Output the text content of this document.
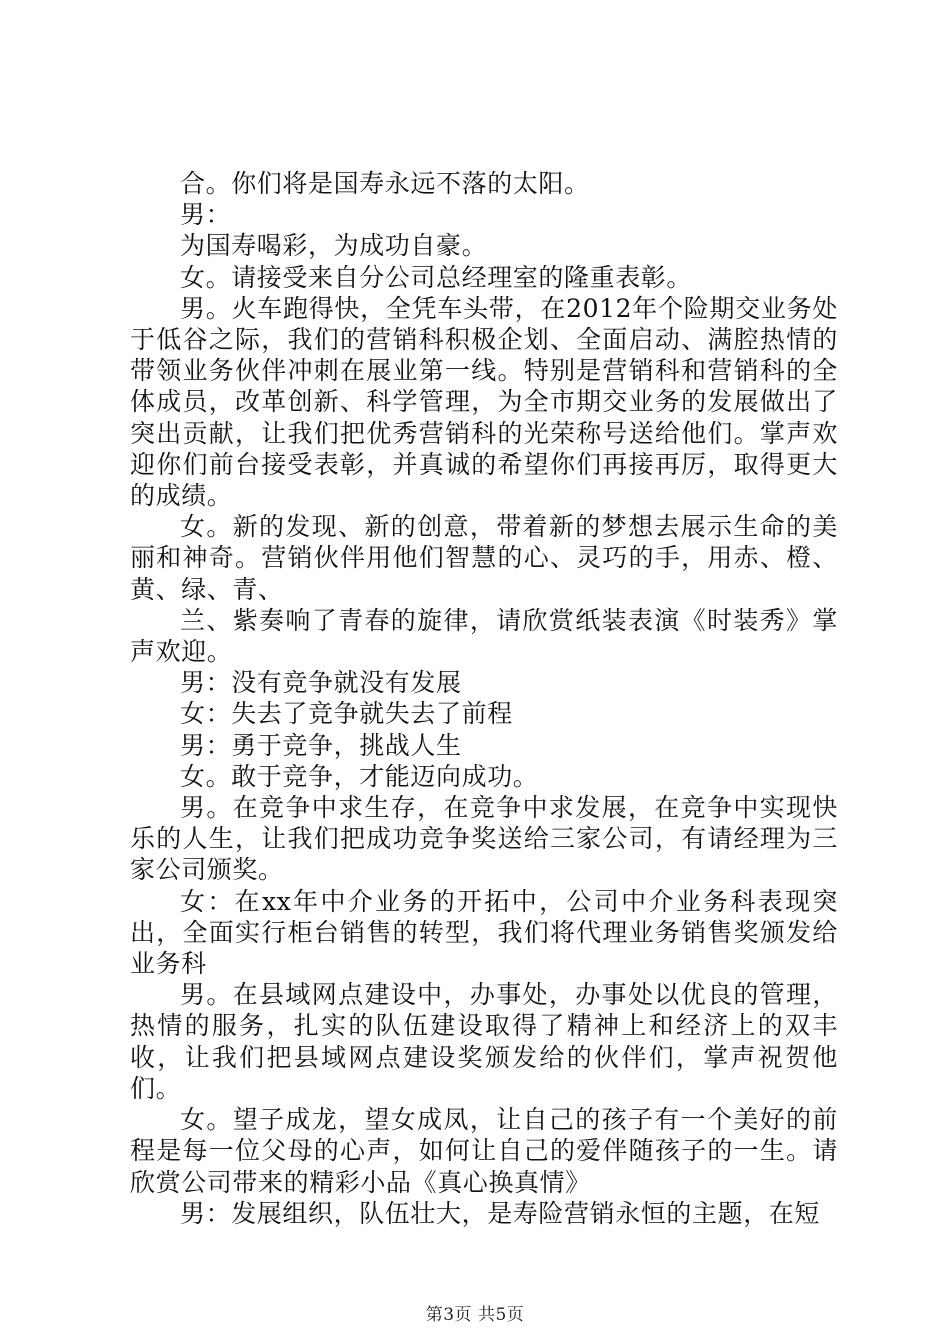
合。你们将是国寿永远不落的太阳。

男：

为国寿喝彩，为成功自豪。

女。请接受来自分公司总经理室的隆重表彰。

男。火车跑得快，全凭车头带，在2012年个险期交业务处于低谷之际，我们的营销科积极企划、全面启动、满腔热情的带领业务伙伴冲刺在展业第一线。特别是营销科和营销科的全体成员，改革创新、科学管理，为全市期交业务的发展做出了突出贡献，让我们把优秀营销科的光荣称号送给他们。掌声欢迎你们前台接受表彰，并真诚的希望你们再接再厉，取得更大的成绩。

女。新的发现、新的创意，带着新的梦想去展示生命的美丽和神奇。营销伙伴用他们智慧的心、灵巧的手，用赤、橙、黄、绿、青、

兰、紫奏响了青春的旋律，请欣赏纸装表演《时装秀》掌声欢迎。

男：没有竞争就没有发展

女：失去了竞争就失去了前程

男：勇于竞争，挑战人生

女。敢于竞争，才能迈向成功。

男。在竞争中求生存，在竞争中求发展，在竞争中实现快乐的人生，让我们把成功竞争奖送给三家公司，有请经理为三家公司颁奖。

女：在xx年中介业务的开拓中，公司中介业务科表现突出，全面实行柜台销售的转型，我们将代理业务销售奖颁发给业务科

男。在县域网点建设中，办事处，办事处以优良的管理，热情的服务，扎实的队伍建设取得了精神上和经济上的双丰收，让我们把县域网点建设奖颁发给的伙伴们，掌声祝贺他们。

女。望子成龙，望女成凤，让自己的孩子有一个美好的前程是每一位父母的心声，如何让自己的爱伴随孩子的一生。请欣赏公司带来的精彩小品《真心换真情》

男：发展组织，队伍壮大，是寿险营销永恒的主题，在短

第3页 共5页
